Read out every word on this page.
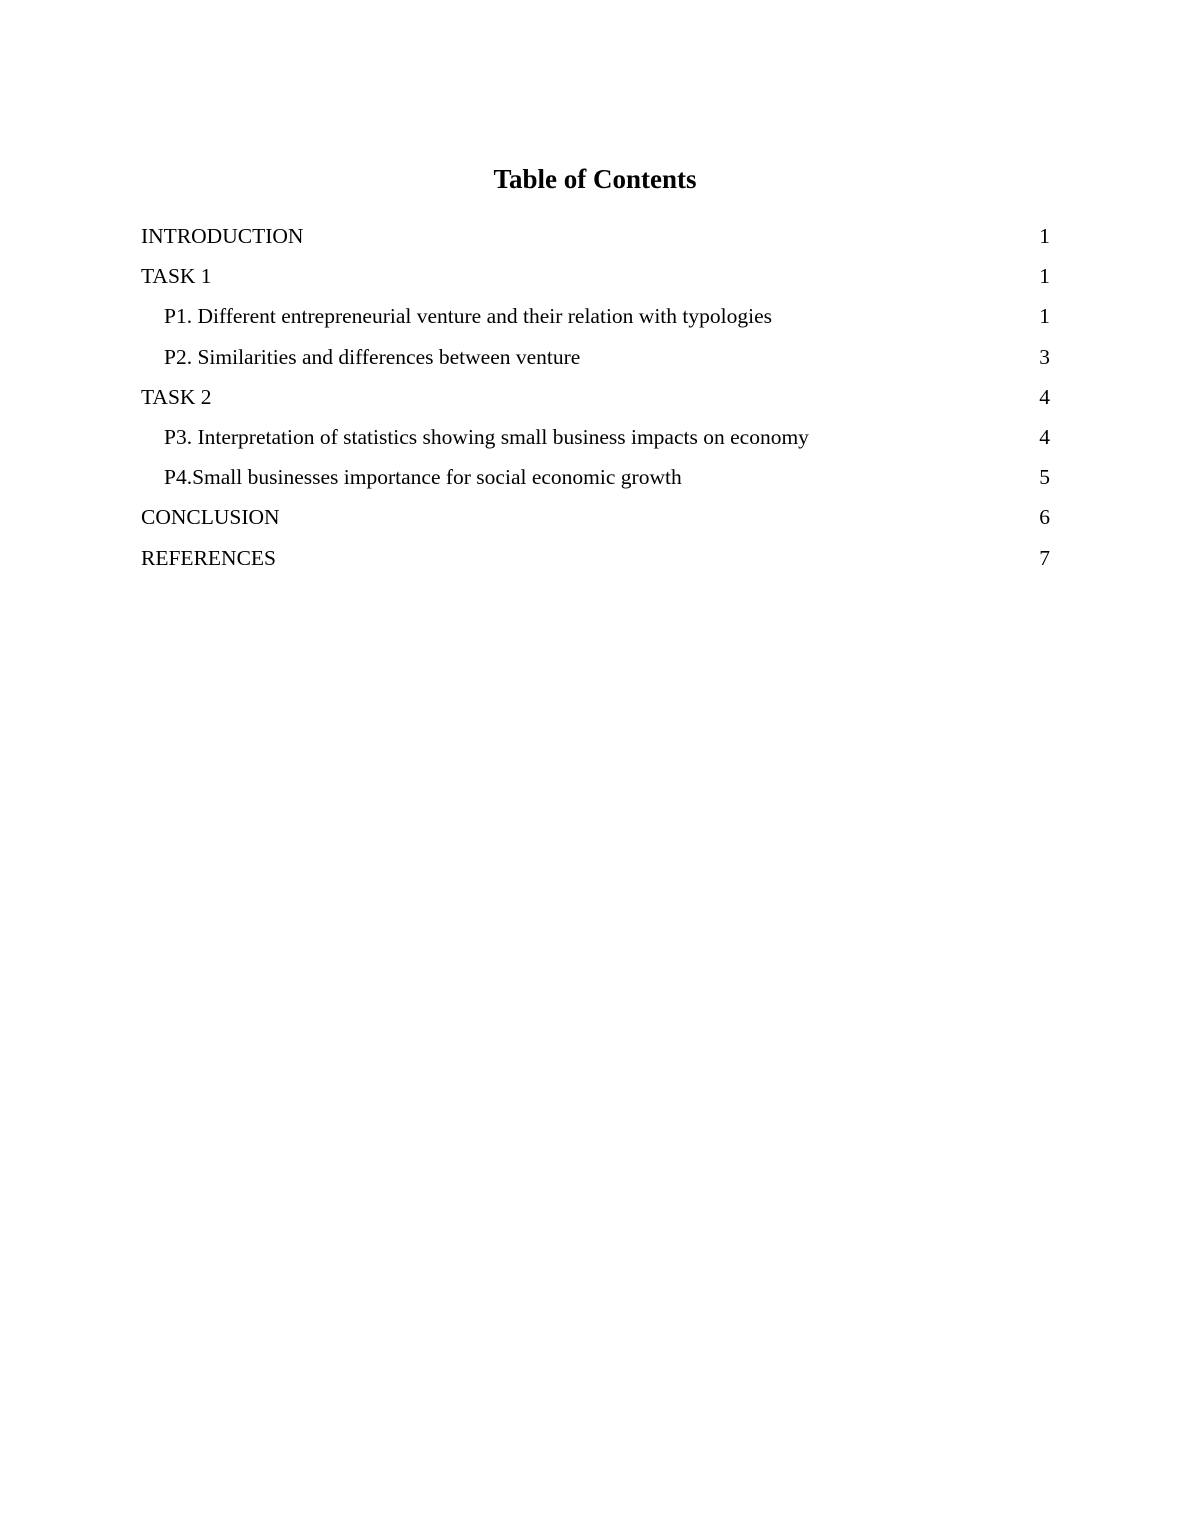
Table of Contents
INTRODUCTION	1
TASK 1	1
P1. Different entrepreneurial venture and their relation with typologies	1
P2. Similarities and differences between venture	3
TASK 2	4
P3. Interpretation of statistics showing small business impacts on economy	4
P4.Small businesses importance for social economic growth	5
CONCLUSION	6
REFERENCES	7
